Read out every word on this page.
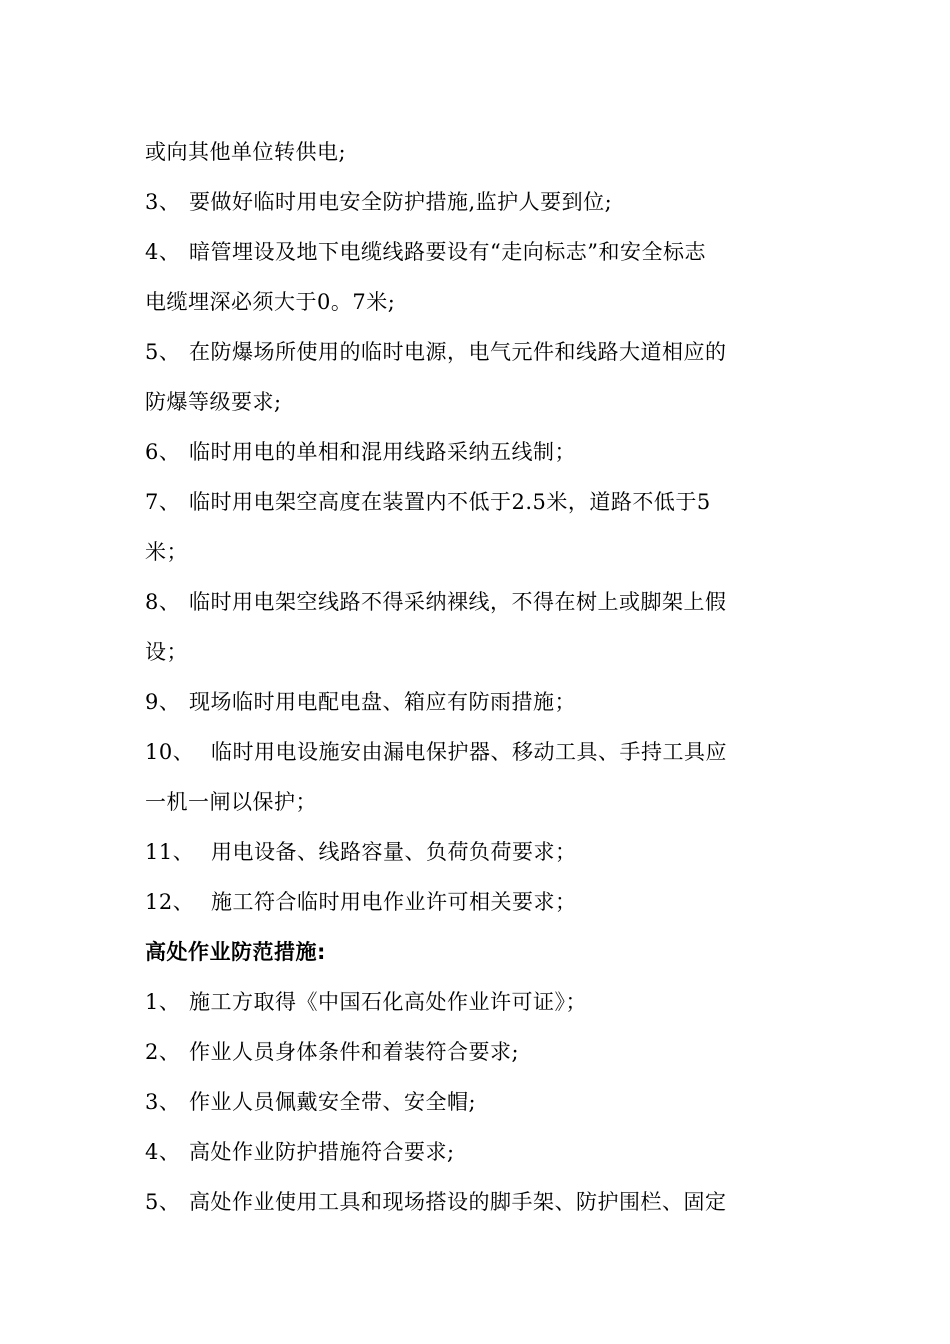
或向其他单位转供电;
3、 要做好临时用电安全防护措施,监护人要到位;
4、 暗管埋设及地下电缆线路要设有“走向标志”和安全标志
电缆埋深必须大于0。7米;
5、 在防爆场所使用的临时电源，电气元件和线路大道相应的
防爆等级要求;
6、 临时用电的单相和混用线路采纳五线制；
7、 临时用电架空高度在装置内不低于2.5米，道路不低于5
米；
8、 临时用电架空线路不得采纳裸线，不得在树上或脚架上假
设；
9、 现场临时用电配电盘、箱应有防雨措施；
10、 临时用电设施安由漏电保护器、移动工具、手持工具应
一机一闸以保护；
11、 用电设备、线路容量、负荷负荷要求；
12、 施工符合临时用电作业许可相关要求；
高处作业防范措施:
1、 施工方取得《中国石化高处作业许可证》；
2、 作业人员身体条件和着装符合要求;
3、 作业人员佩戴安全带、安全帽;
4、 高处作业防护措施符合要求;
5、 高处作业使用工具和现场搭设的脚手架、防护围栏、固定
